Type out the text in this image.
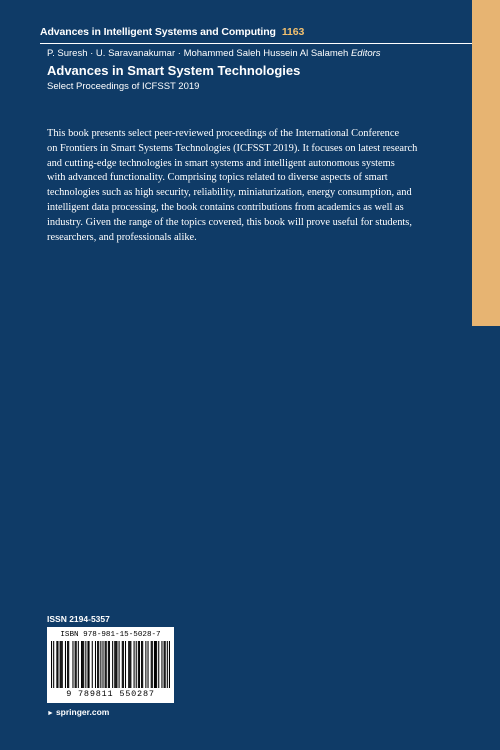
Advances in Intelligent Systems and Computing 1163
P. Suresh · U. Saravanakumar · Mohammed Saleh Hussein Al Salameh Editors
Advances in Smart System Technologies
Select Proceedings of ICFSST 2019

This book presents select peer-reviewed proceedings of the International Conference
on Frontiers in Smart Systems Technologies (ICFSST 2019). It focuses on latest research
and cutting-edge technologies in smart systems and intelligent autonomous systems
with advanced functionality. Comprising topics related to diverse aspects of smart
technologies such as high security, reliability, miniaturization, energy consumption, and
intelligent data processing, the book contains contributions from academics as well as
industry. Given the range of the topics covered, this book will prove useful for students,
researchers, and professionals alike.

ISSN 2194-5357
ISBN 978-981-15-5028-7
9 789811 550287
► springer.com
